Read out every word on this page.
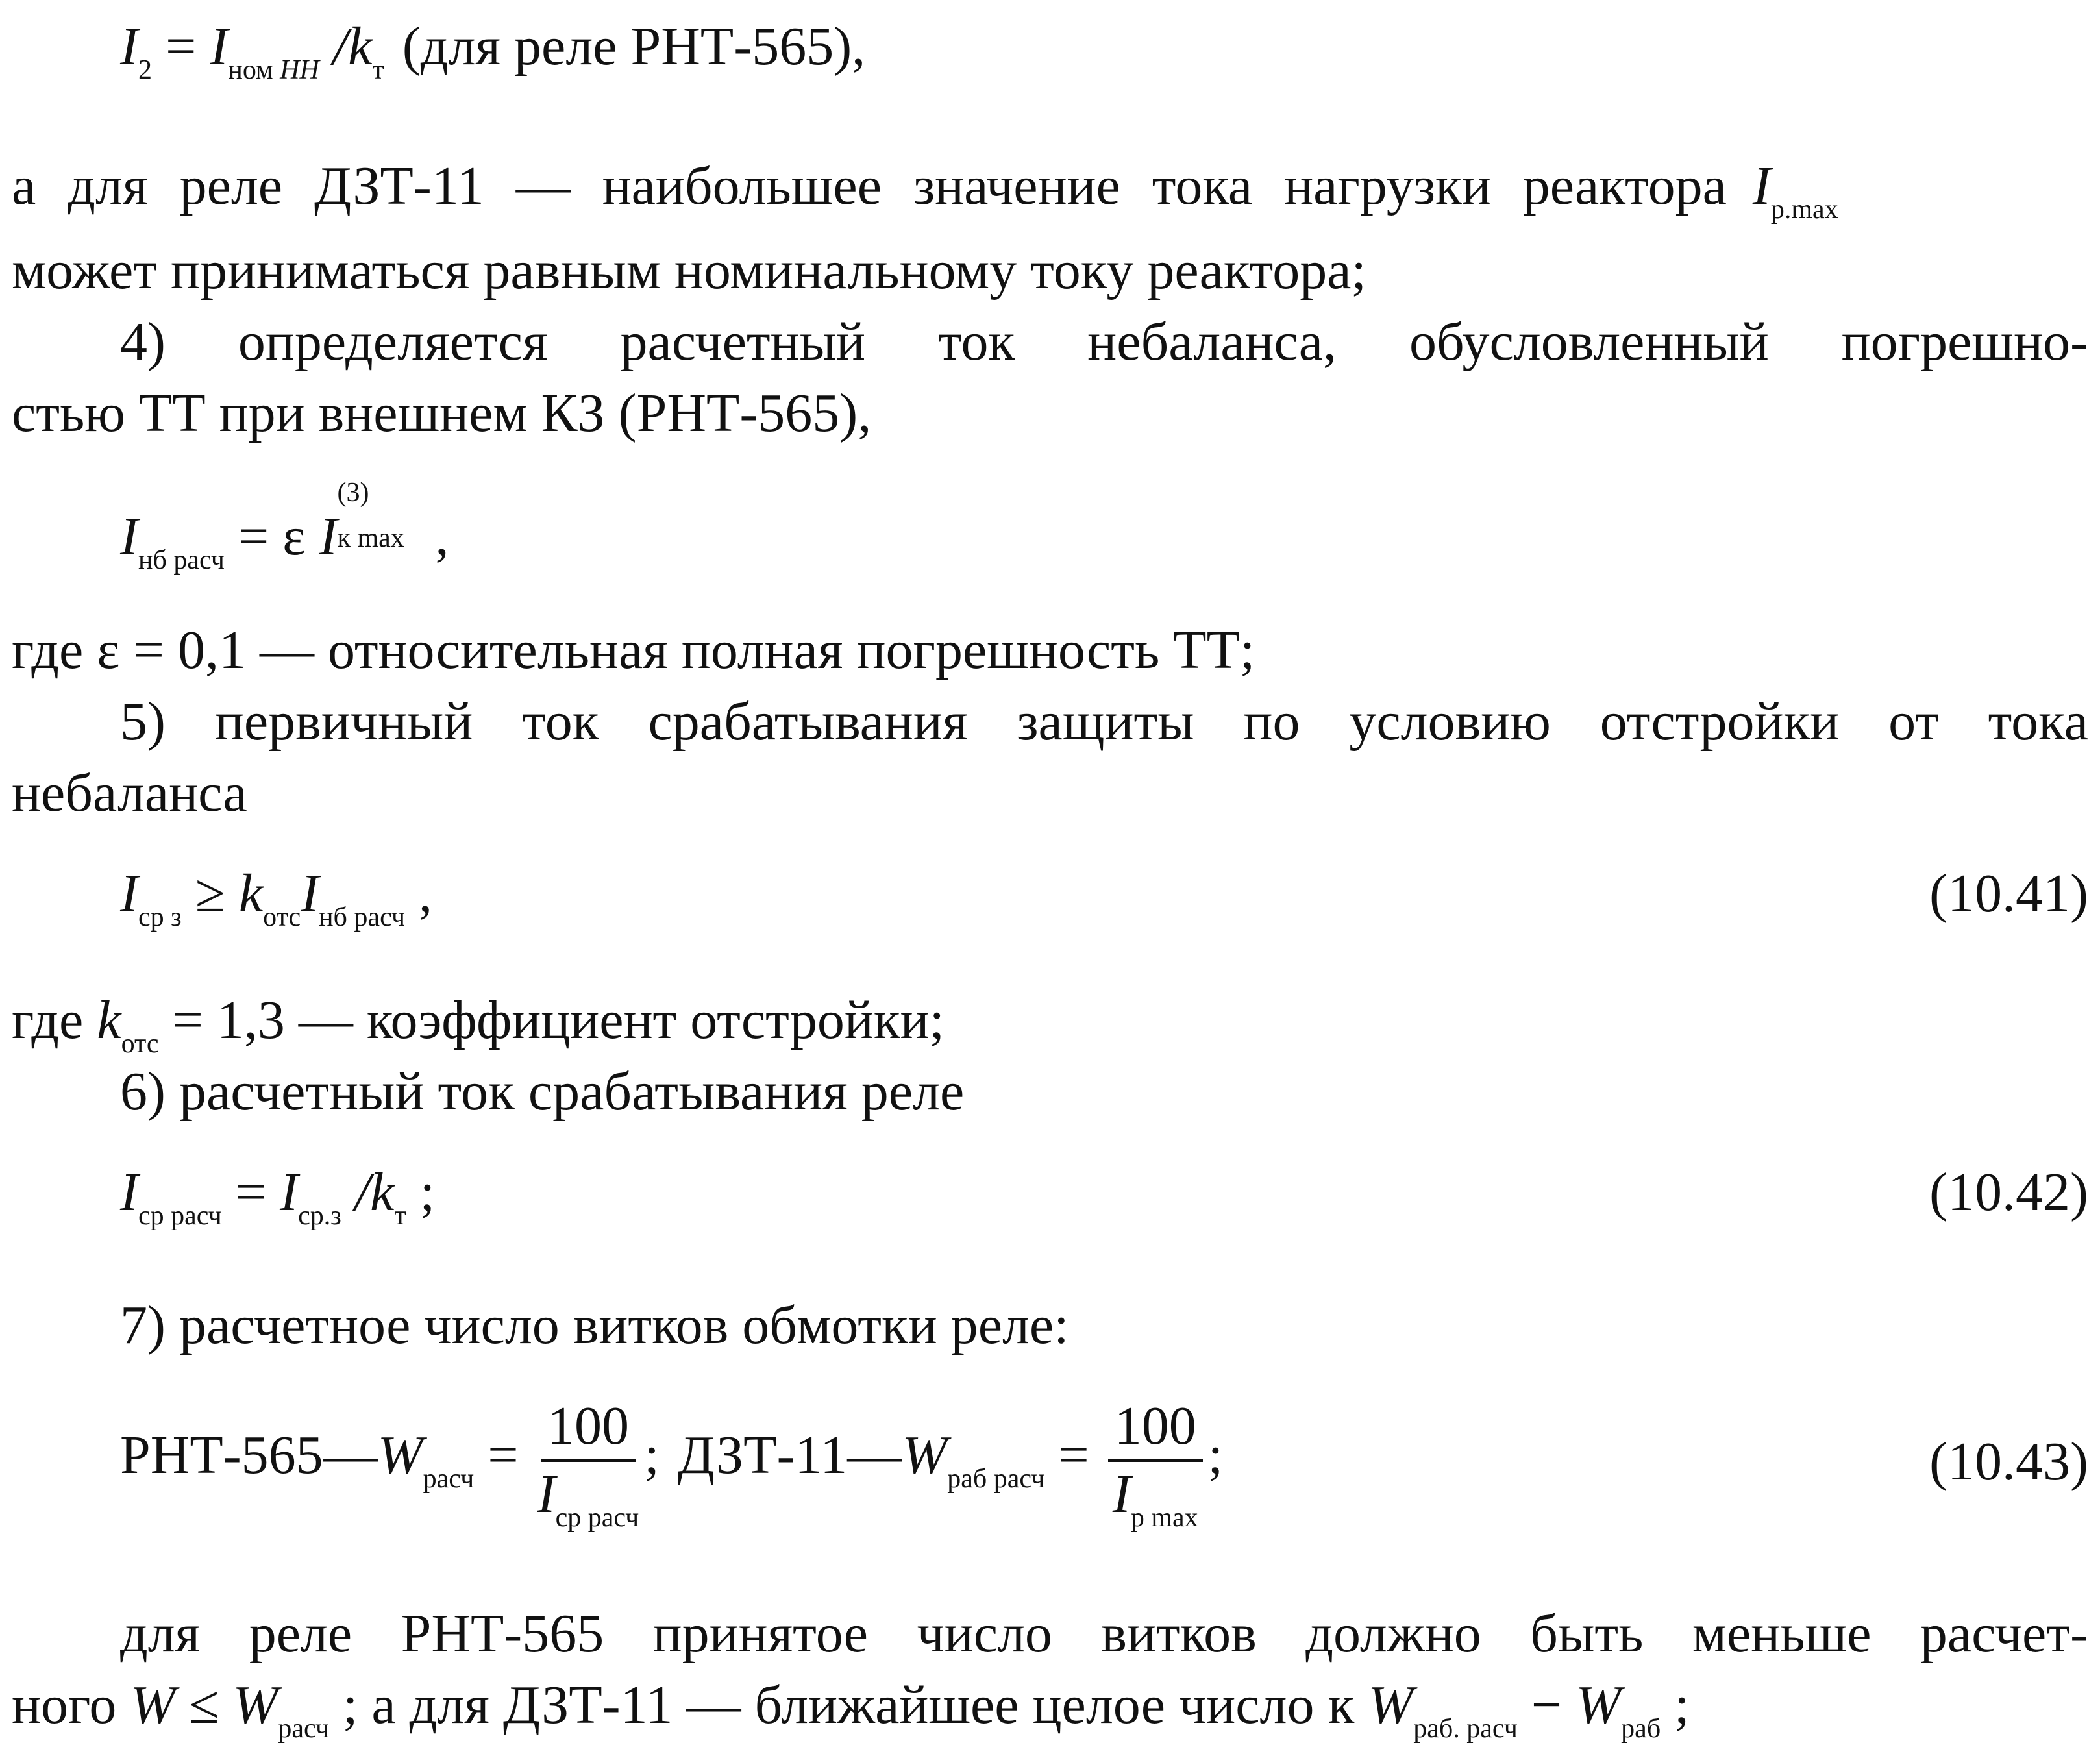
$I_2 = I_{ном}$ $_{HH}$ $/k_т$ (для реле РНТ-565),
а для реле ДЗТ-11 — наибольшее значение тока нагрузки реактора $I_{р.max}$
может приниматься равным номинальному току реактора;
4) определяется расчетный ток небаланса, обусловленный погрешно-
стью ТТ при внешнем КЗ (РНТ-565),
$I_{нб расч} = \varepsilon$ I
(3)
к max ,
где ε = 0,1 — относительная полная погрешность ТТ;
5) первичный ток срабатывания защиты по условию отстройки от тока
небаланса
$I_{ср з} \ge k_{отс}I_{нб расч}$ ,	(10.41)
где $k_{отс} = 1,3$ — коэффициент отстройки;
6) расчетный ток срабатывания реле
$I_{ср расч} = I_{ср.з}$ $/k_т$ ;	(10.42)
7) расчетное число витков обмотки реле:
РНТ-$565—W_{расч} = \frac{100}{I_{ср расч}}$ ; ДЗТ-$11—W_{раб расч} = \frac{100}{I_{р max}}$ ;	(10.43)
для реле РНТ-565 принятое число витков должно быть меньше расчет-
ного $W \le W_{расч}$ ; а для ДЗТ-11 — ближайшее целое число к $W_{раб. расч} - W_{раб}$ ;
